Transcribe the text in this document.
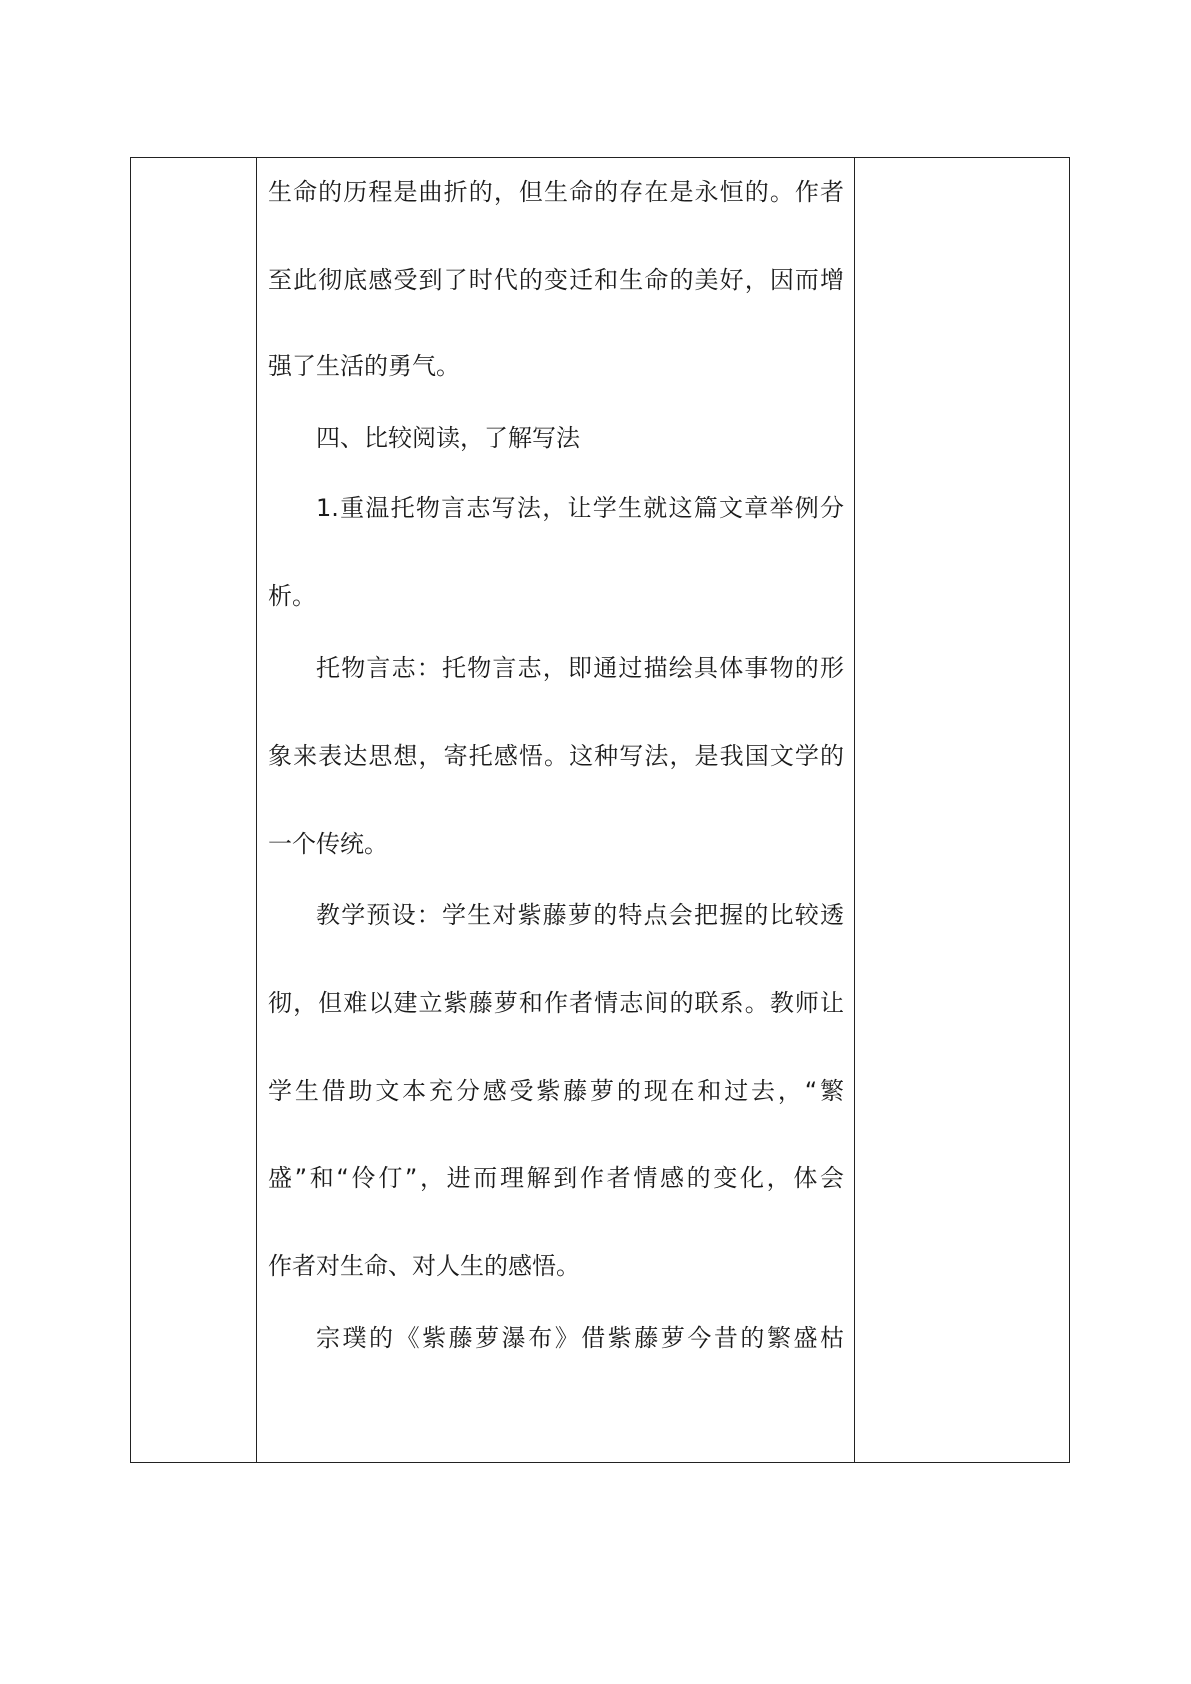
生命的历程是曲折的，但生命的存在是永恒的。作者
至此彻底感受到了时代的变迁和生命的美好，因而增
强了生活的勇气。
四、比较阅读，了解写法
1.重温托物言志写法，让学生就这篇文章举例分
析。
托物言志：托物言志，即通过描绘具体事物的形
象来表达思想，寄托感悟。这种写法，是我国文学的
一个传统。
教学预设：学生对紫藤萝的特点会把握的比较透
彻，但难以建立紫藤萝和作者情志间的联系。教师让
学生借助文本充分感受紫藤萝的现在和过去，“繁
盛”和“伶仃”，进而理解到作者情感的变化，体会
作者对生命、对人生的感悟。
宗璞的《紫藤萝瀑布》借紫藤萝今昔的繁盛枯
